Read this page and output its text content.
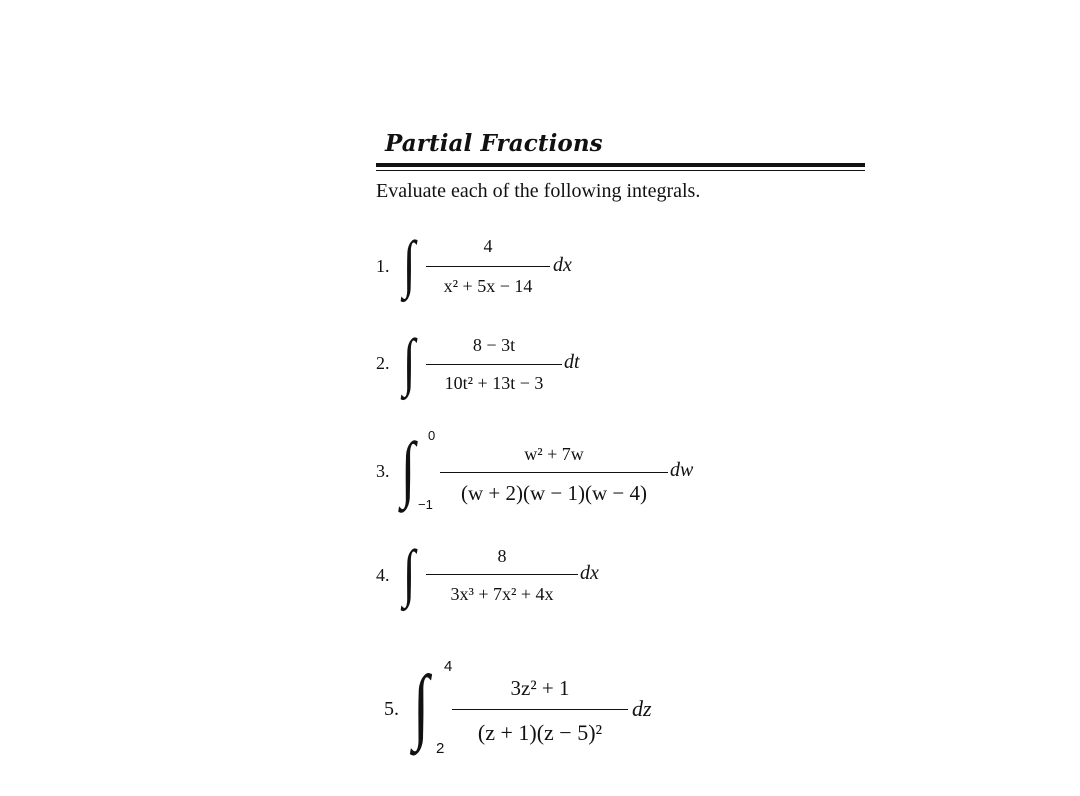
Partial Fractions
Evaluate each of the following integrals.
1. ∫	4
x² + 5x − 14
dx
2. ∫	8 − 3t
10t² + 13t − 3
dt
3. ∫ 0
−1
w² + 7w
(w + 2)(w − 1)(w − 4)
dw
4. ∫	8
3x³ + 7x² + 4x
dx
5. ∫ 4
2
3z² + 1
(z + 1)(z − 5)²
dz
